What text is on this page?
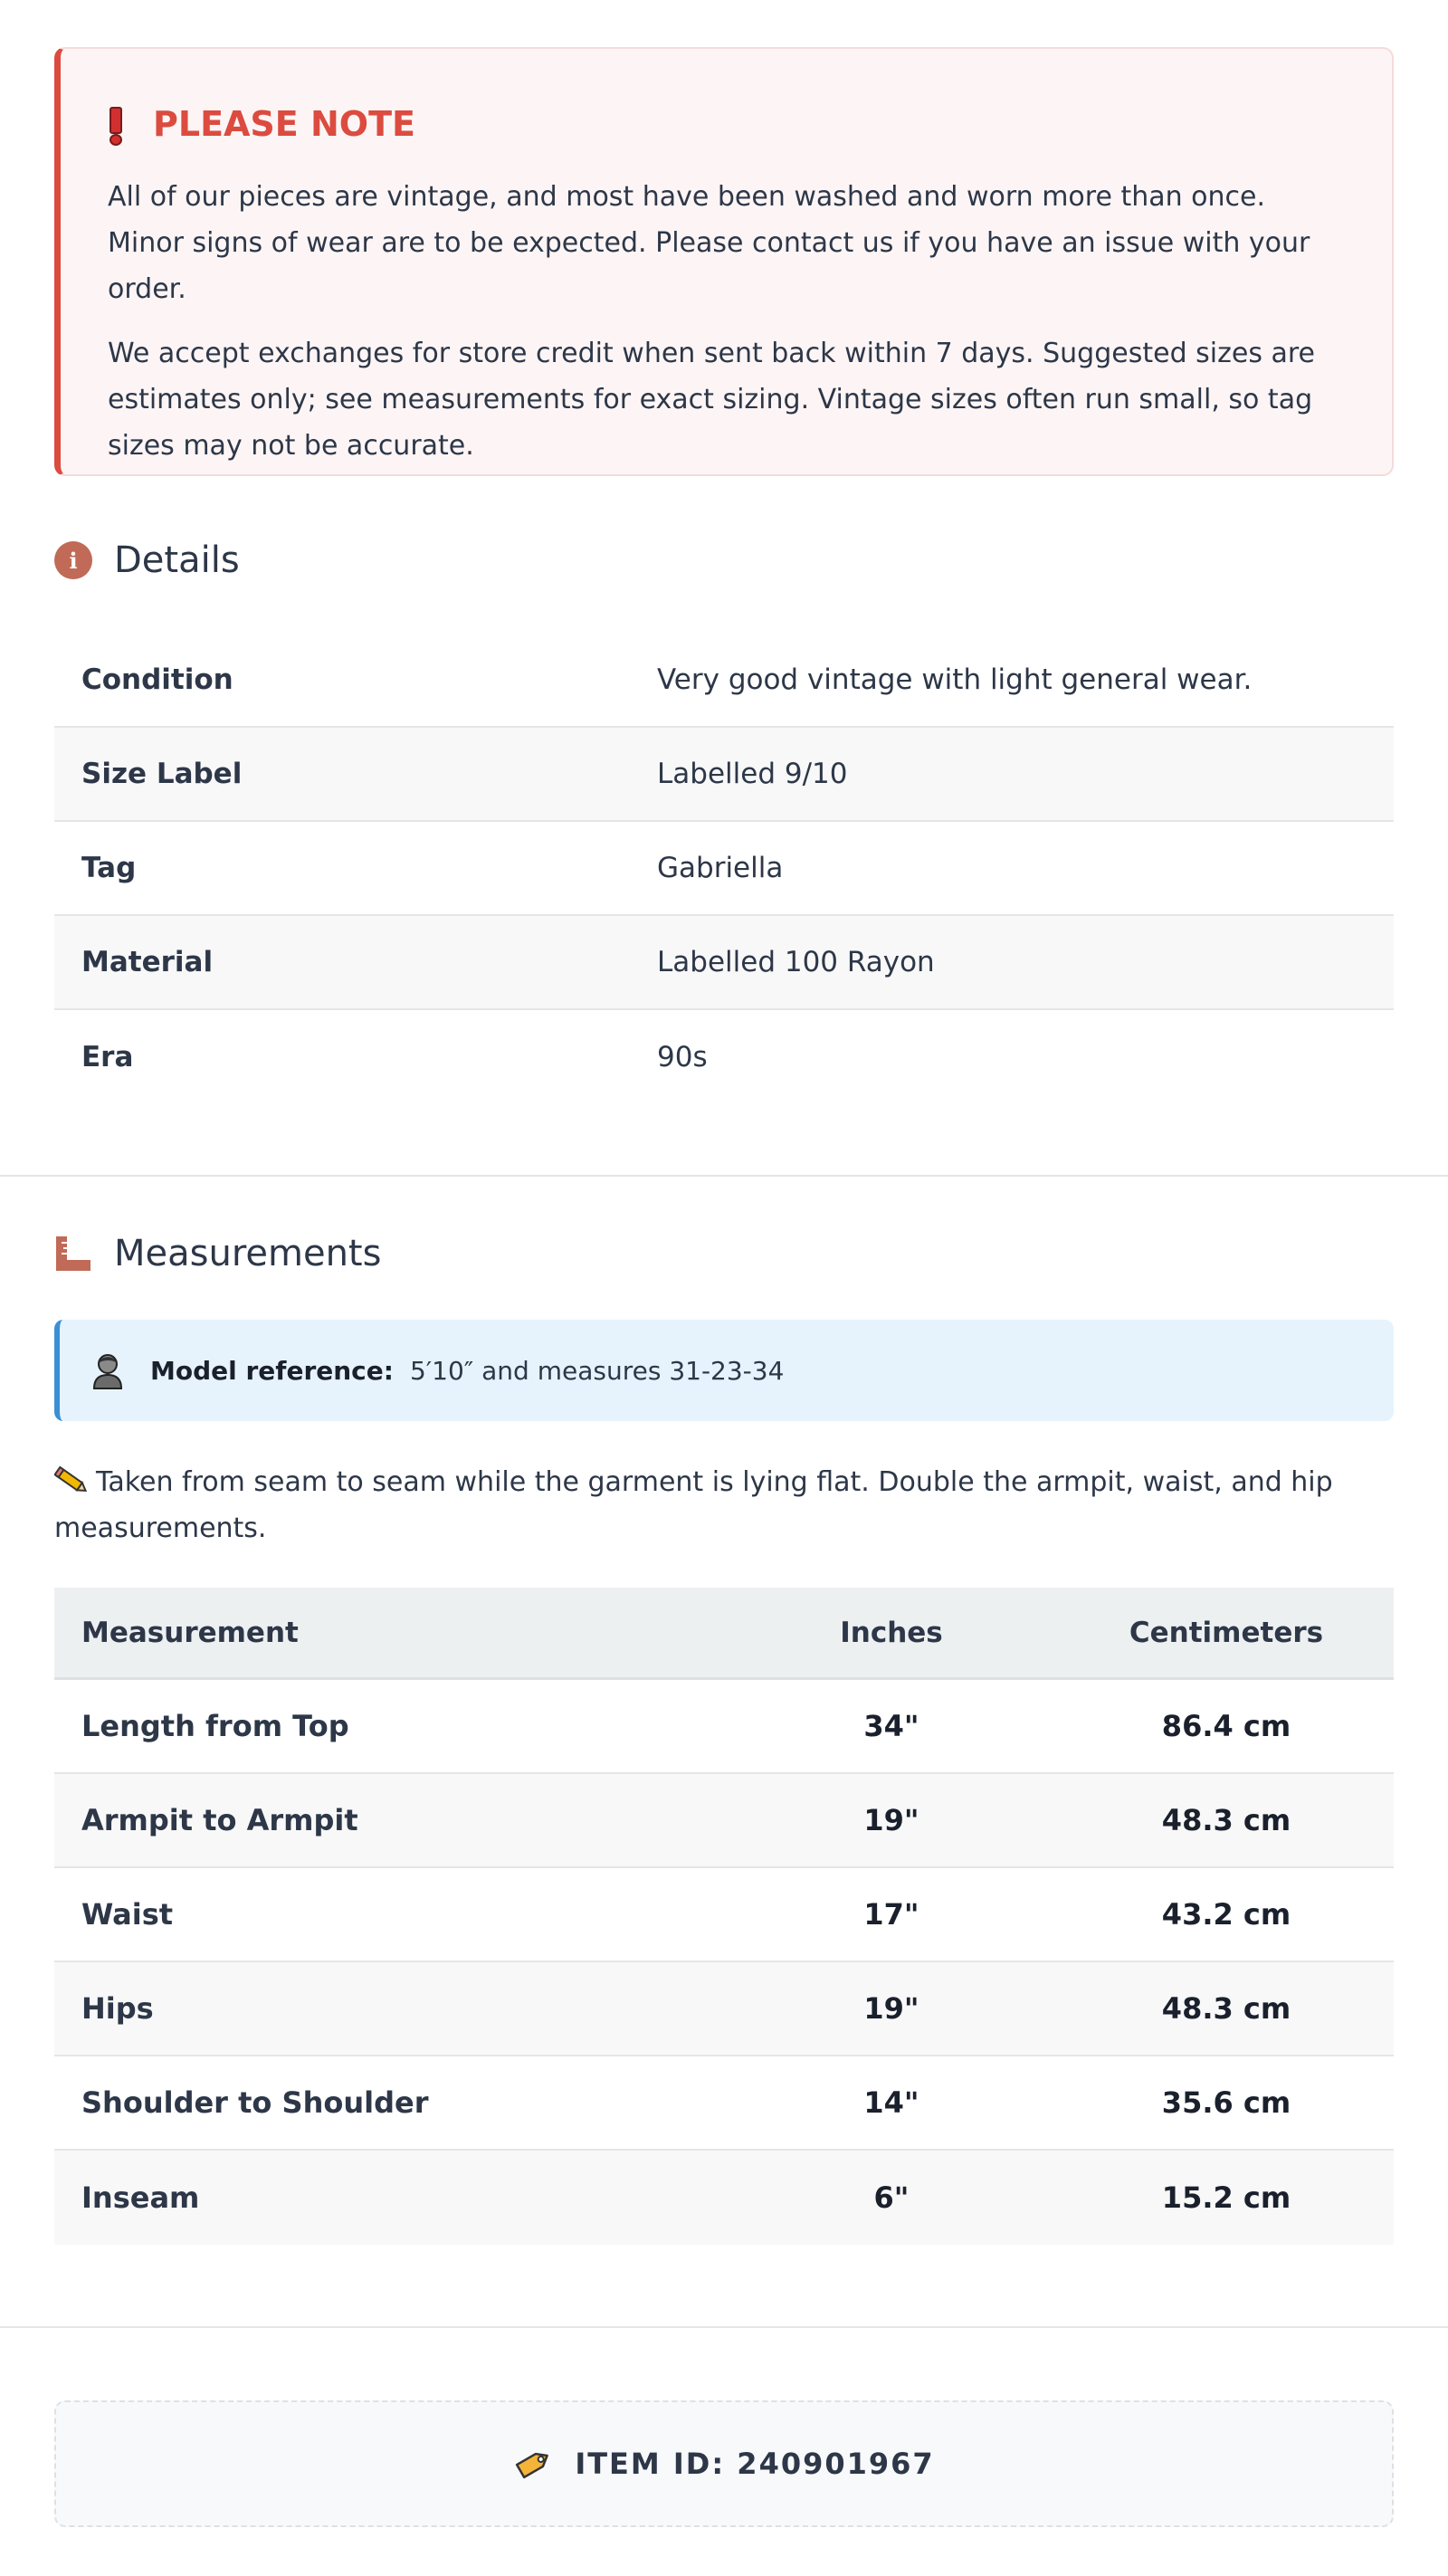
PLEASE NOTE

All of our pieces are vintage, and most have been washed and worn more than once. Minor signs of wear are to be expected. Please contact us if you have an issue with your order.

We accept exchanges for store credit when sent back within 7 days. Suggested sizes are estimates only; see measurements for exact sizing. Vintage sizes often run small, so tag sizes may not be accurate.

i	Details
Condition	Very good vintage with light general wear.
Size Label	Labelled 9/10
Tag	Gabriella
Material	Labelled 100 Rayon
Era	90s
Measurements
Model reference: 5′10″ and measures 31-23-34
Taken from seam to seam while the garment is lying flat. Double the armpit, waist, and hip measurements.
Measurement	Inches	Centimeters
Length from Top	34"	86.4 cm
Armpit to Armpit	19"	48.3 cm
Waist	17"	43.2 cm
Hips	19"	48.3 cm
Shoulder to Shoulder	14"	35.6 cm
Inseam	6"	15.2 cm
ITEM ID: 240901967
